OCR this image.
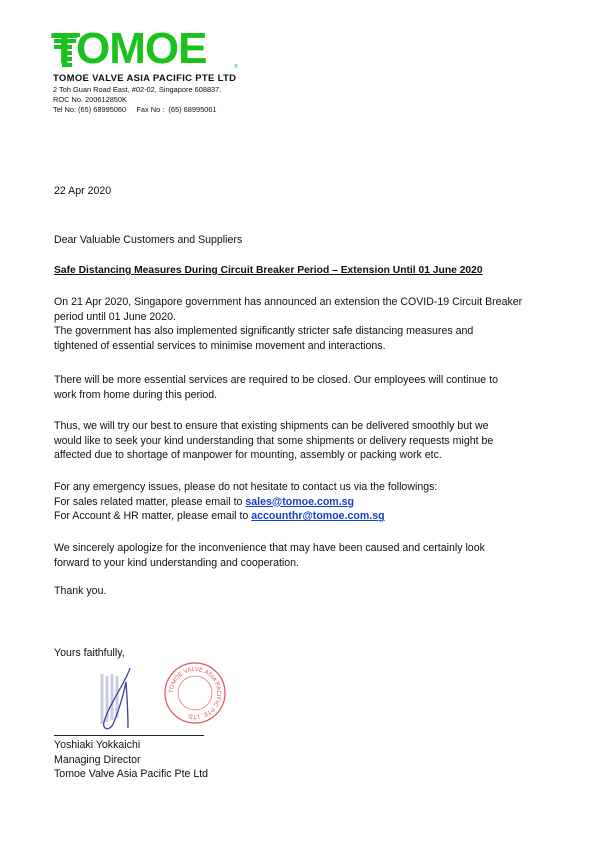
TOMOE	®
TOMOE VALVE ASIA PACIFIC PTE LTD
2 Toh Guan Road East, #02-02, Singapore 608837.
ROC No. 200612850K
Tel No: (65) 68995060     Fax No :  (65) 68995061
22 Apr 2020
Dear Valuable Customers and Suppliers
Safe Distancing Measures During Circuit Breaker Period – Extension Until 01 June 2020
On 21 Apr 2020, Singapore government has announced an extension the COVID-19 Circuit Breaker
period until 01 June 2020.
The government has also implemented significantly stricter safe distancing measures and
tightened of essential services to minimise movement and interactions.
There will be more essential services are required to be closed. Our employees will continue to
work from home during this period.
Thus, we will try our best to ensure that existing shipments can be delivered smoothly but we
would like to seek your kind understanding that some shipments or delivery requests might be
affected due to shortage of manpower for mounting, assembly or packing work etc.
For any emergency issues, please do not hesitate to contact us via the followings:
For sales related matter, please email to sales@tomoe.com.sg
For Account & HR matter, please email to accounthr@tomoe.com.sg
We sincerely apologize for the inconvenience that may have been caused and certainly look
forward to your kind understanding and cooperation.
Thank you.
Yours faithfully,
TOMOE VALVE ASIA PACIFIC PTE. LTD.
Yoshiaki Yokkaichi
Managing Director
Tomoe Valve Asia Pacific Pte Ltd
